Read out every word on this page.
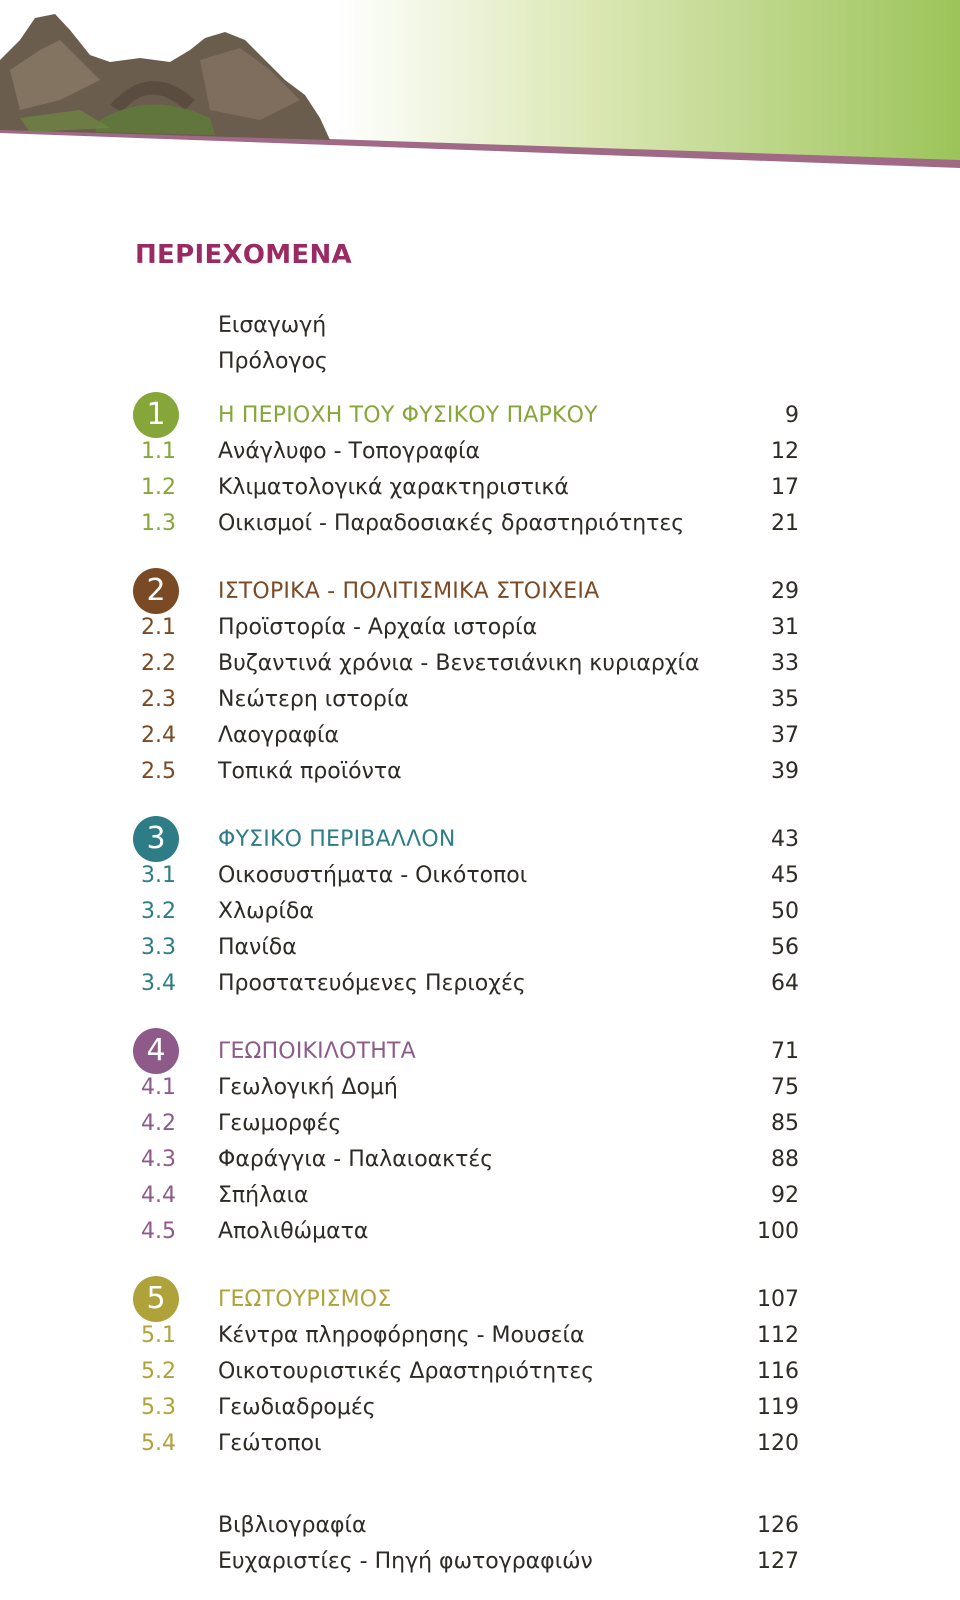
ΠΕΡΙΕΧΟΜΕΝΑ
Εισαγωγή
Πρόλογος
1	Η ΠΕΡΙΟΧΗ ΤΟΥ ΦΥΣΙΚΟΥ ΠΑΡΚΟΥ	9
1.1	Ανάγλυφο - Τοπογραφία	12
1.2	Κλιματολογικά χαρακτηριστικά	17
1.3	Οικισμοί - Παραδοσιακές δραστηριότητες	21
2	ΙΣΤΟΡΙΚΑ - ΠΟΛΙΤΙΣΜΙΚΑ ΣΤΟΙΧΕΙΑ	29
2.1	Προϊστορία - Αρχαία ιστορία	31
2.2	Βυζαντινά χρόνια - Βενετσιάνικη κυριαρχία	33
2.3	Νεώτερη ιστορία	35
2.4	Λαογραφία	37
2.5	Τοπικά προϊόντα	39
3	ΦΥΣΙΚΟ ΠΕΡΙΒΑΛΛΟΝ	43
3.1	Οικοσυστήματα - Οικότοποι	45
3.2	Χλωρίδα	50
3.3	Πανίδα	56
3.4	Προστατευόμενες Περιοχές	64
4	ΓΕΩΠΟΙΚΙΛΟΤΗΤΑ	71
4.1	Γεωλογική Δομή	75
4.2	Γεωμορφές	85
4.3	Φαράγγια - Παλαιοακτές	88
4.4	Σπήλαια	92
4.5	Απολιθώματα	100
5	ΓΕΩΤΟΥΡΙΣΜΟΣ	107
5.1	Κέντρα πληροφόρησης - Μουσεία	112
5.2	Οικοτουριστικές Δραστηριότητες	116
5.3	Γεωδιαδρομές	119
5.4	Γεώτοποι	120
Βιβλιογραφία	126
Ευχαριστίες - Πηγή φωτογραφιών	127
